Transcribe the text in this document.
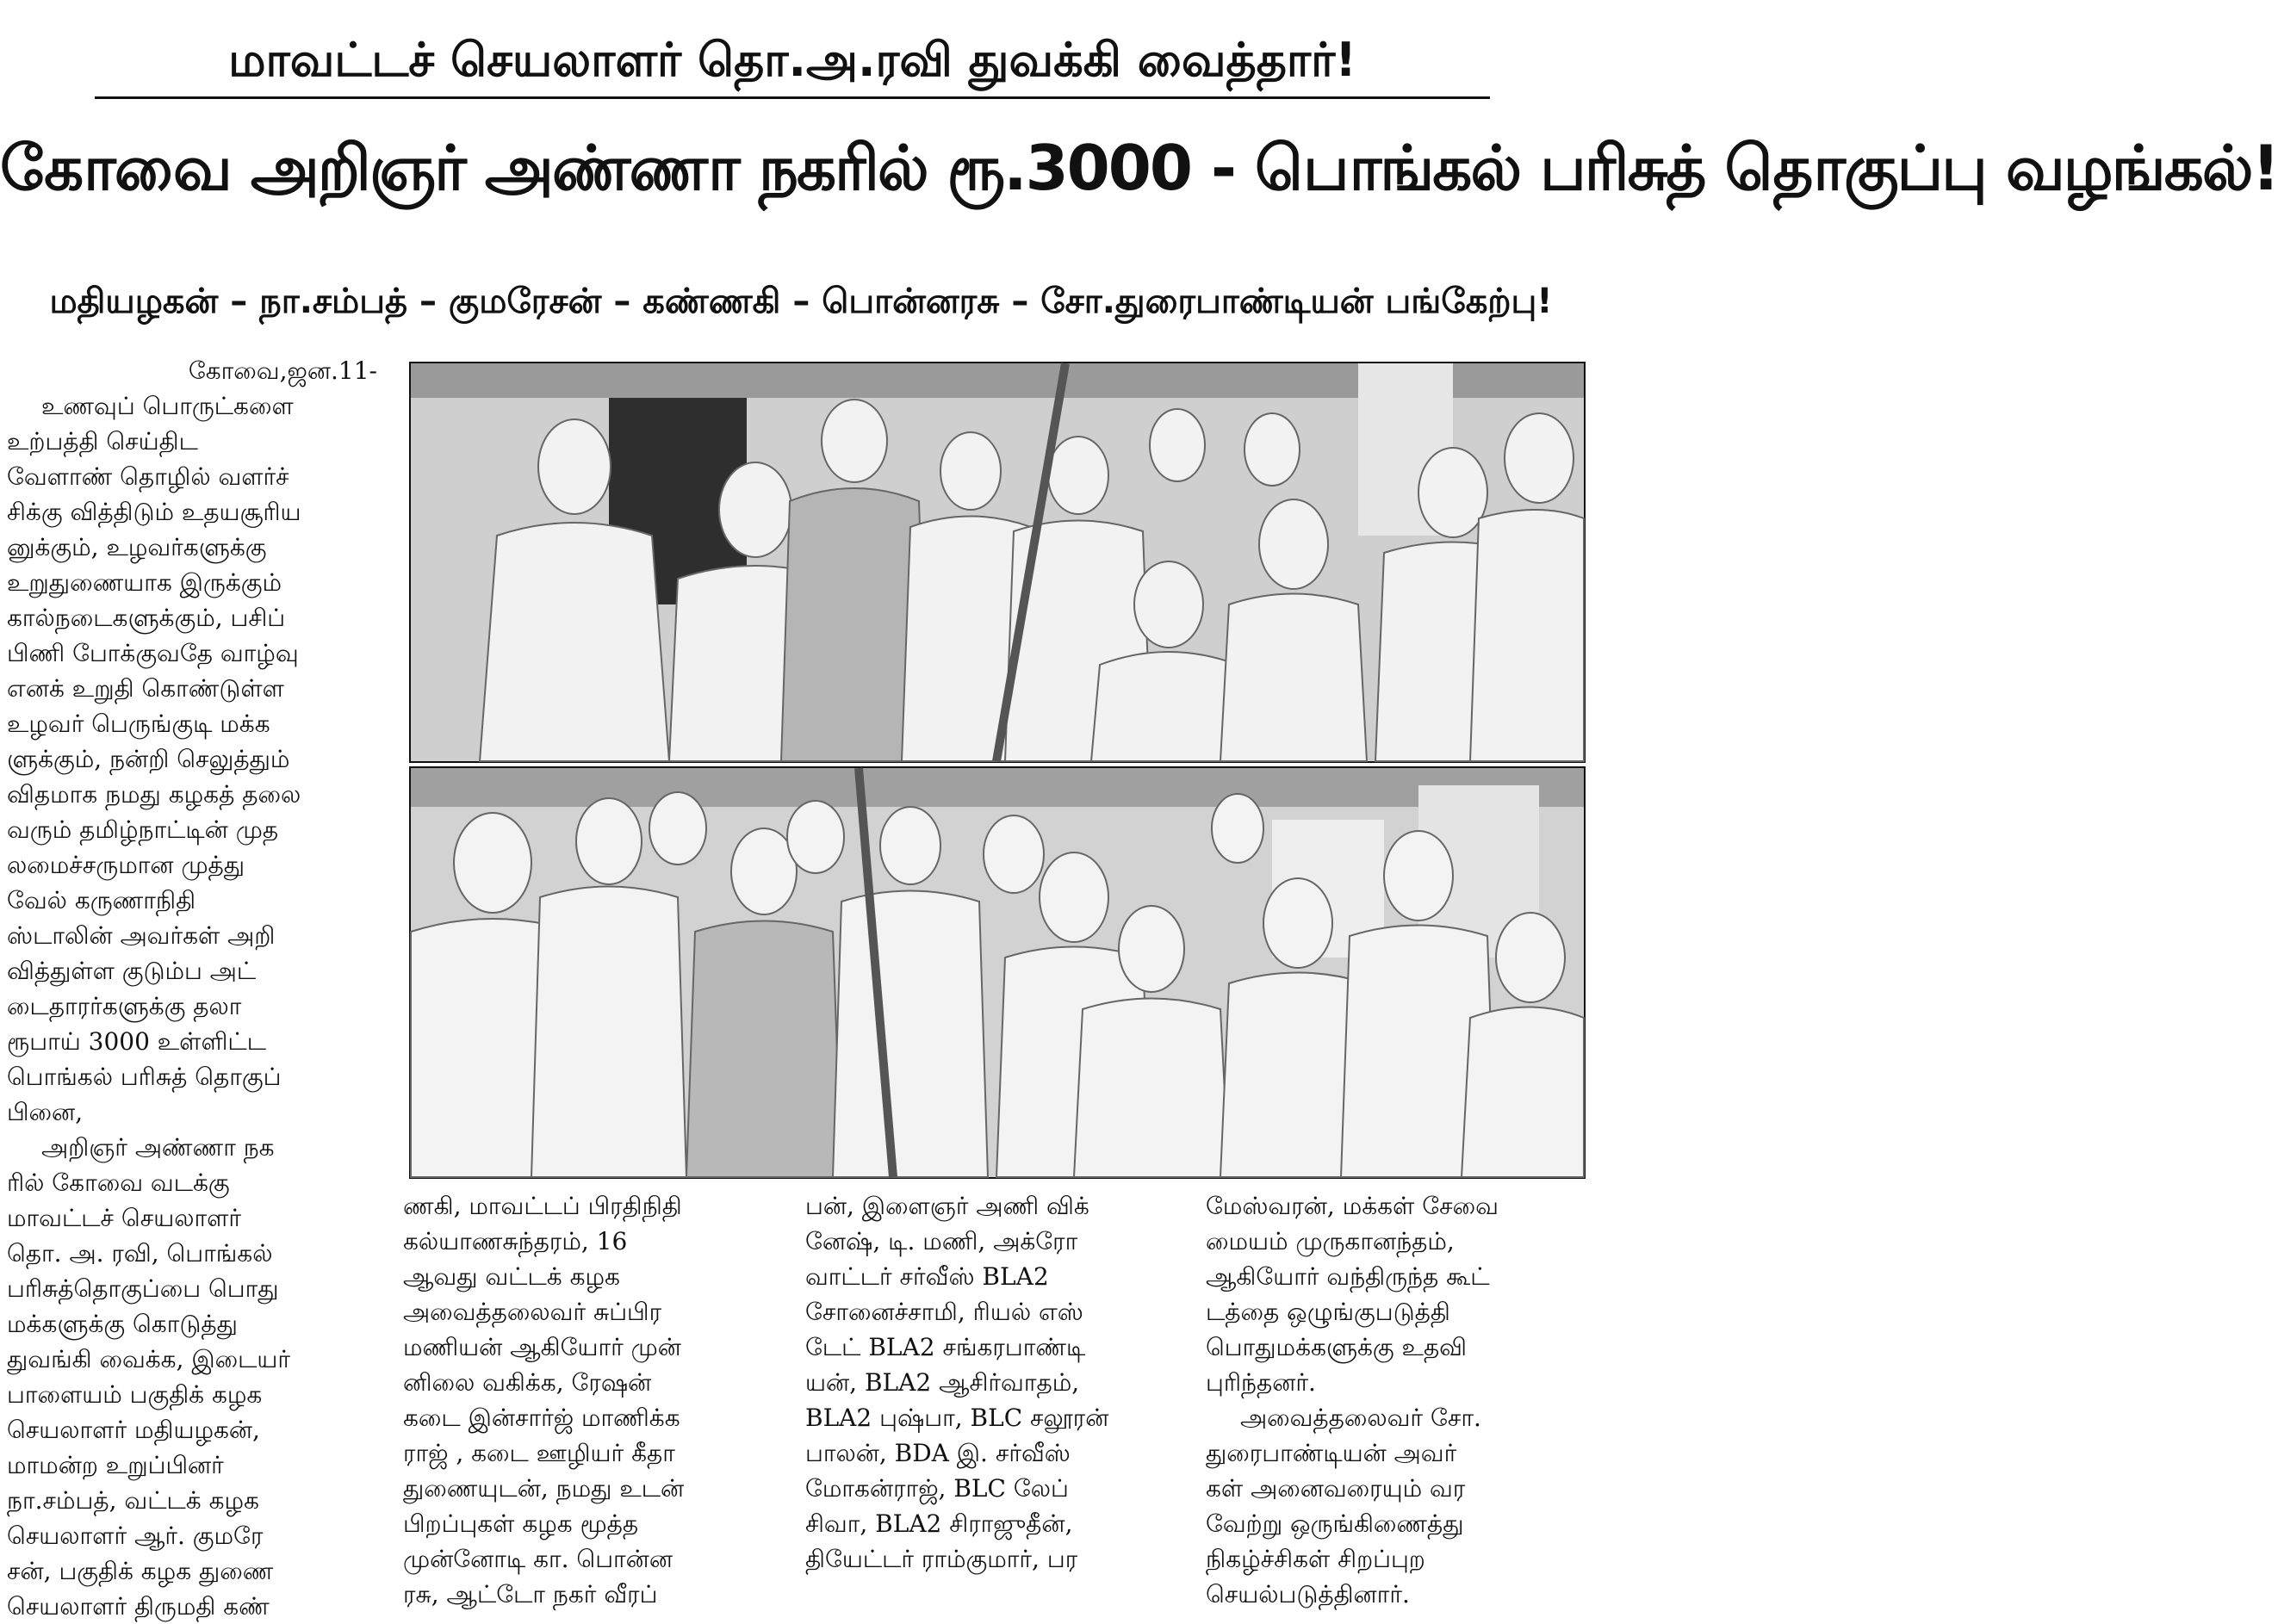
மாவட்டச் செயலாளர் தொ.அ.ரவி துவக்கி வைத்தார்!
கோவை அறிஞர் அண்ணா நகரில் ரூ.3000 - பொங்கல் பரிசுத் தொகுப்பு வழங்கல்!
மதியழகன் – நா.சம்பத் – குமரேசன் – கண்ணகி – பொன்னரசு – சோ.துரைபாண்டியன் பங்கேற்பு!
கோவை,ஜன.11-
உணவுப் பொருட்களை
உற்பத்தி செய்திட
வேளாண் தொழில் வளர்ச்
சிக்கு வித்திடும் உதயசூரிய
னுக்கும், உழவர்களுக்கு
உறுதுணையாக இருக்கும்
கால்நடைகளுக்கும், பசிப்
பிணி போக்குவதே வாழ்வு
எனக் உறுதி கொண்டுள்ள
உழவர் பெருங்குடி மக்க
ளுக்கும், நன்றி செலுத்தும்
விதமாக நமது கழகத் தலை
வரும் தமிழ்நாட்டின் முத
லமைச்சருமான முத்து
வேல் கருணாநிதி
ஸ்டாலின் அவர்கள் அறி
வித்துள்ள குடும்ப அட்
டைதாரர்களுக்கு தலா
ரூபாய் 3000 உள்ளிட்ட
பொங்கல் பரிசுத் தொகுப்
பினை,
அறிஞர் அண்ணா நக
ரில் கோவை வடக்கு
மாவட்டச் செயலாளர்
தொ. அ. ரவி, பொங்கல்
பரிசுத்தொகுப்பை பொது
மக்களுக்கு கொடுத்து
துவங்கி வைக்க, இடையர்
பாளையம் பகுதிக் கழக
செயலாளர் மதியழகன்,
மாமன்ற உறுப்பினர்
நா.சம்பத், வட்டக் கழக
செயலாளர் ஆர். குமரே
சன், பகுதிக் கழக துணை
செயலாளர் திருமதி கண்
ணகி, மாவட்டப் பிரதிநிதி
கல்யாணசுந்தரம், 16
ஆவது வட்டக் கழக
அவைத்தலைவர் சுப்பிர
மணியன் ஆகியோர் முன்
னிலை வகிக்க, ரேஷன்
கடை இன்சார்ஜ் மாணிக்க
ராஜ் , கடை ஊழியர் கீதா
துணையுடன், நமது உடன்
பிறப்புகள் கழக மூத்த
முன்னோடி கா. பொன்ன
ரசு, ஆட்டோ நகர் வீரப்
பன், இளைஞர் அணி விக்
னேஷ், டி. மணி, அக்ரோ
வாட்டர் சர்வீஸ் BLA2
சோனைச்சாமி, ரியல் எஸ்
டேட் BLA2 சங்கரபாண்டி
யன், BLA2 ஆசிர்வாதம்,
BLA2 புஷ்பா, BLC சலூரன்
பாலன், BDA இ. சர்வீஸ்
மோகன்ராஜ், BLC லேப்
சிவா, BLA2 சிராஜுதீன்,
தியேட்டர் ராம்குமார், பர
மேஸ்வரன், மக்கள் சேவை
மையம் முருகானந்தம்,
ஆகியோர் வந்திருந்த கூட்
டத்தை ஒழுங்குபடுத்தி
பொதுமக்களுக்கு உதவி
புரிந்தனர்.
அவைத்தலைவர் சோ.
துரைபாண்டியன் அவர்
கள் அனைவரையும் வர
வேற்று ஒருங்கிணைத்து
நிகழ்ச்சிகள் சிறப்புற
செயல்படுத்தினார்.
